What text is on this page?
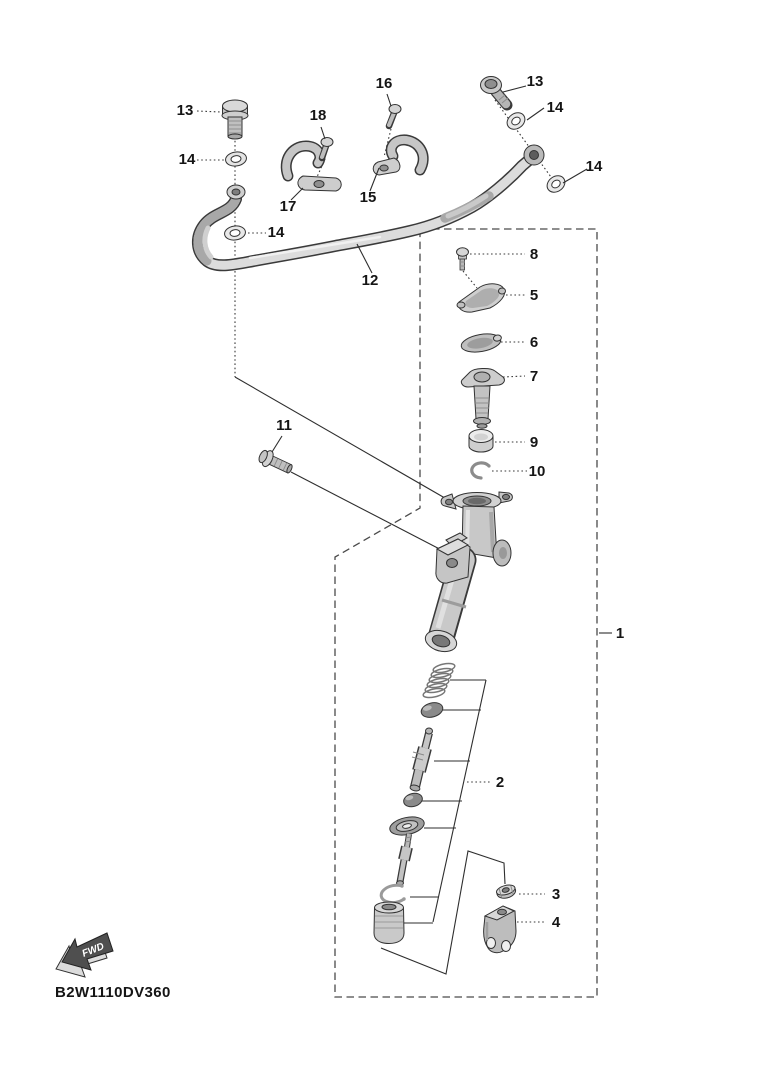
13
14
14
17
18
16
15
12
13
14
14
8
5
6
7
9
10
11
1
2
3
4
FWD
B2W1110DV360
